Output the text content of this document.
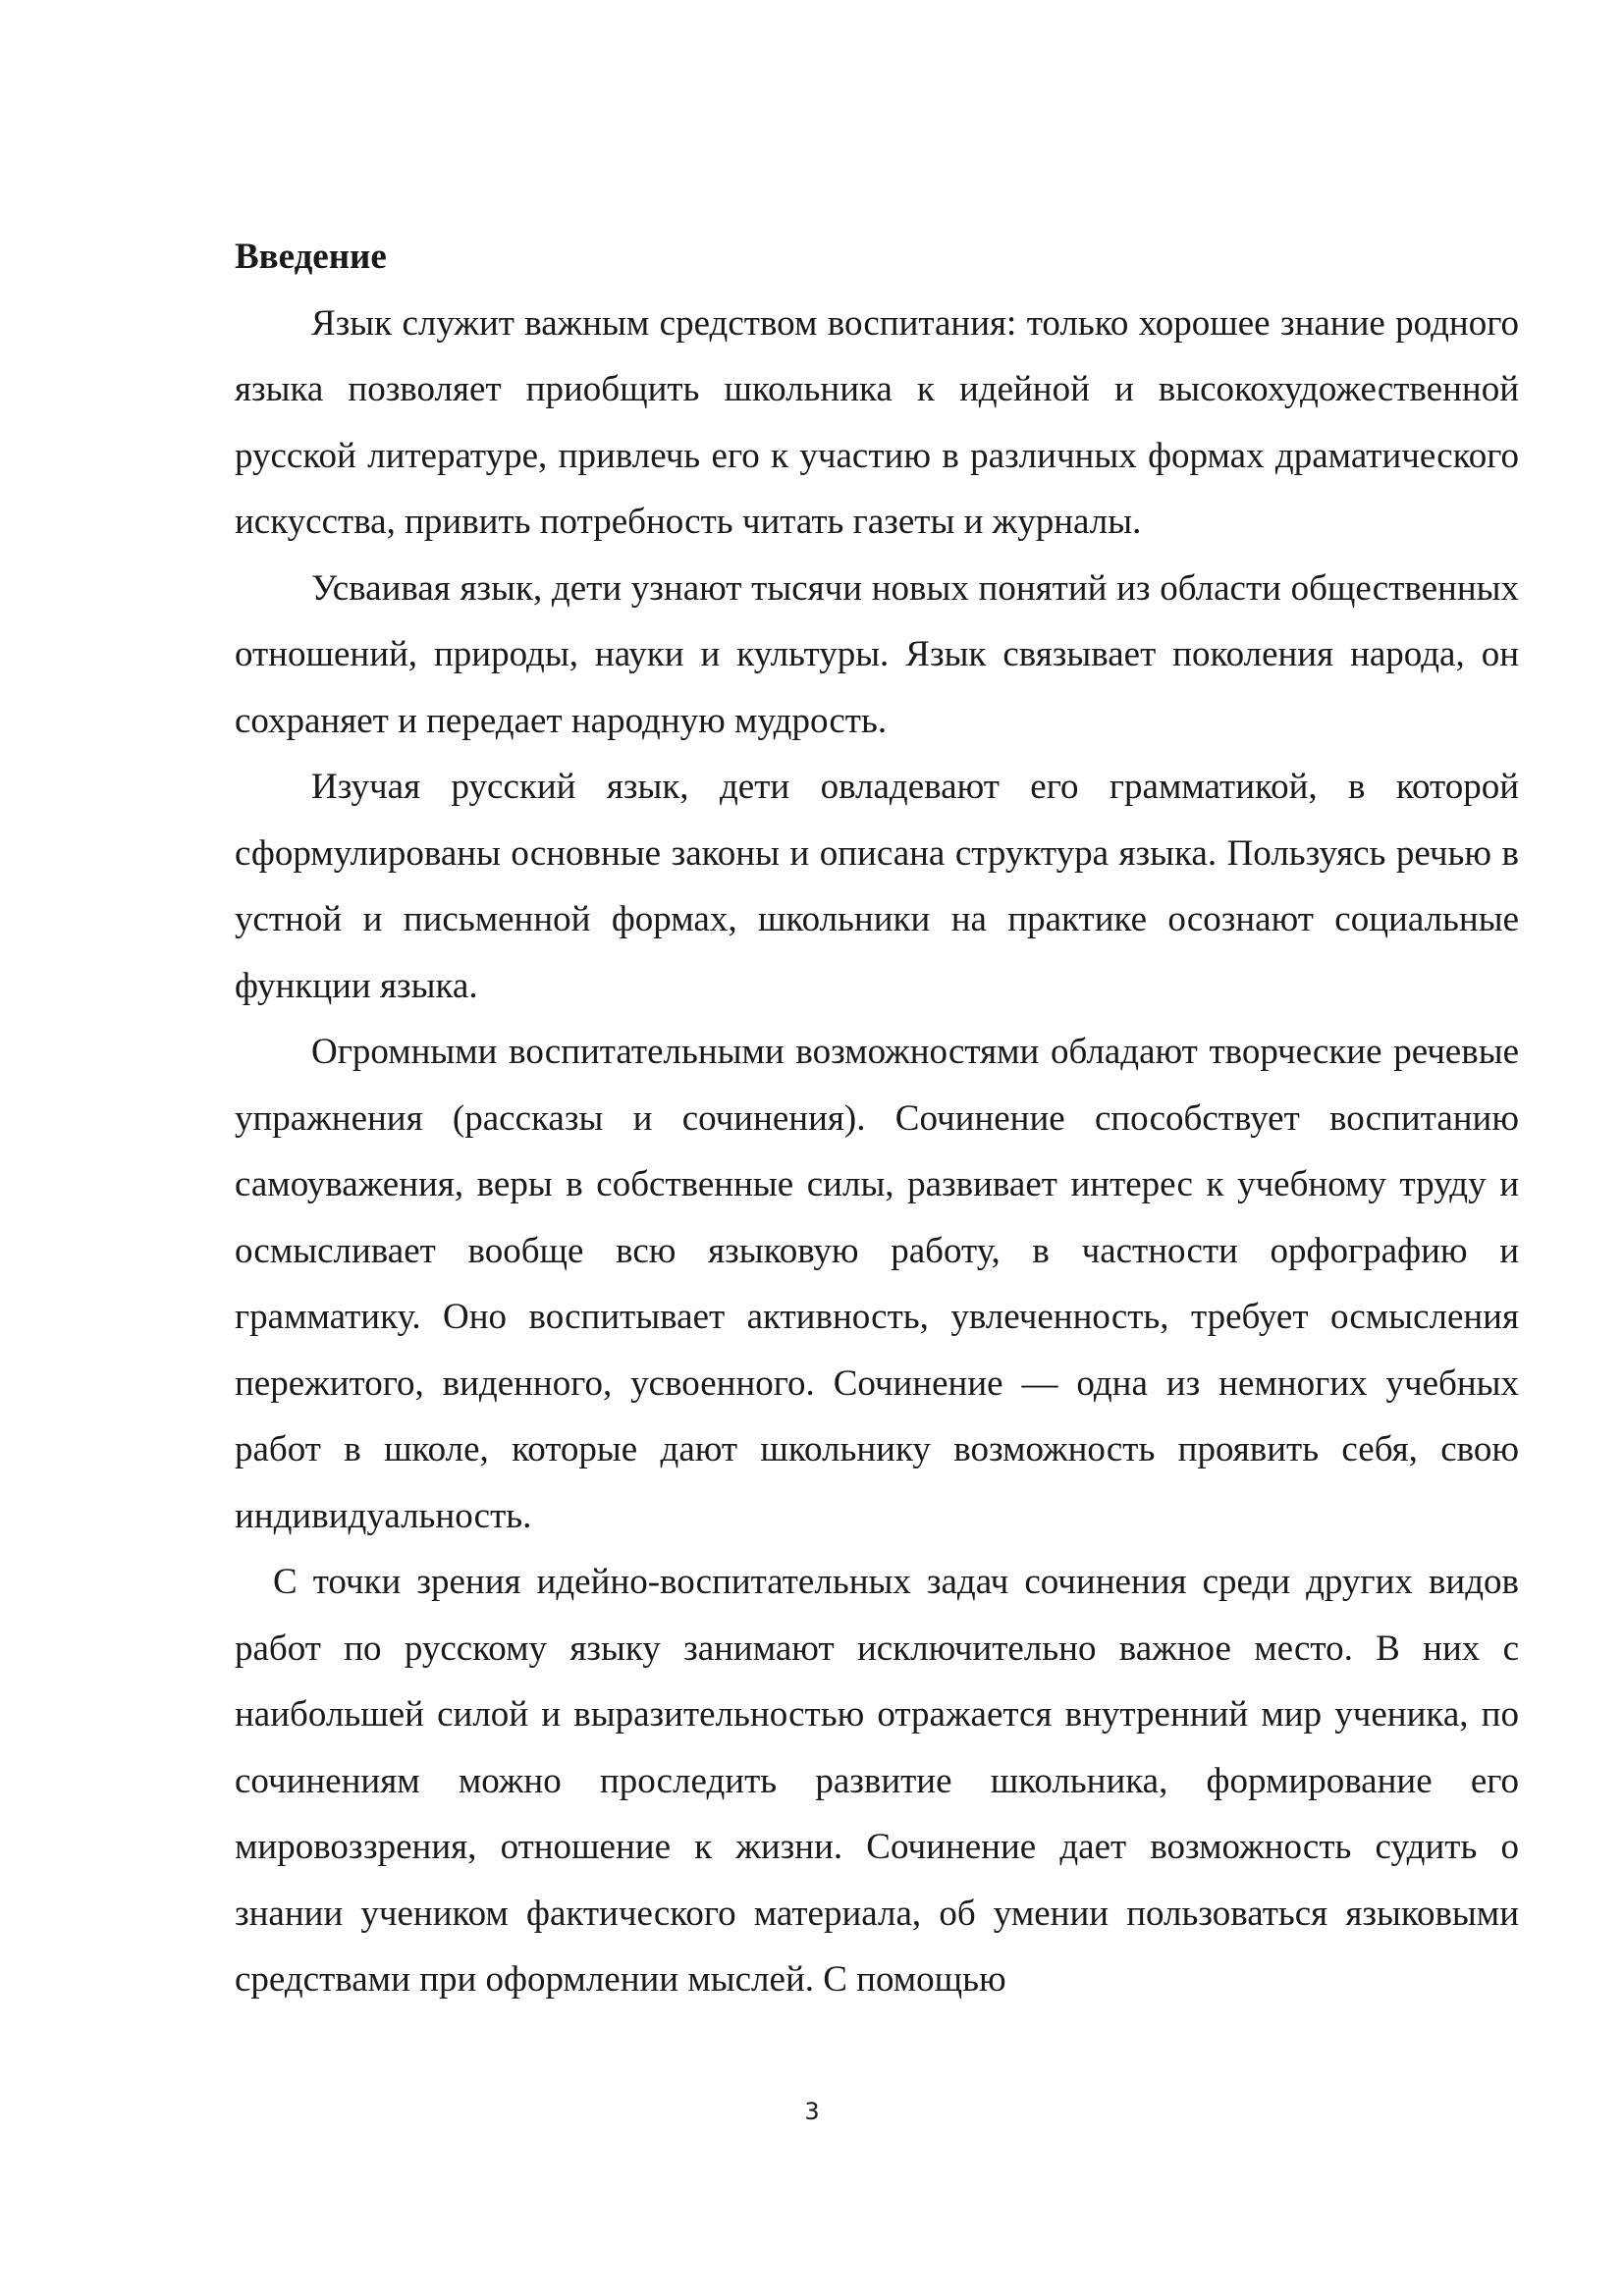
Введение

Язык служит важным средством воспитания: только хорошее знание родного языка позволяет приобщить школьника к идейной и высокохудожественной русской литературе, привлечь его к участию в различных формах драматического искусства, привить потребность читать газеты и журналы.

Усваивая язык, дети узнают тысячи новых понятий из области общественных отношений, природы, науки и культуры. Язык связывает поколения народа, он сохраняет и передает народную мудрость.

Изучая русский язык, дети овладевают его грамматикой, в которой сформулированы основные законы и описана структура языка. Пользуясь речью в устной и письменной формах, школьники на практике осознают социальные функции языка.

Огромными воспитательными возможностями обладают творческие речевые упражнения (рассказы и сочинения). Сочинение способствует воспитанию самоуважения, веры в собственные силы, развивает интерес к учебному труду и осмысливает вообще всю языковую работу, в частности орфографию и грамматику. Оно воспитывает активность, увлеченность, требует осмысления пережитого, виденного, усвоенного. Сочинение — одна из немногих учебных работ в школе, которые дают школьнику возможность проявить себя, свою индивидуальность.

С точки зрения идейно-воспитательных задач сочинения среди других видов работ по русскому языку занимают исключительно важное место. В них с наибольшей силой и выразительностью отражается внутренний мир ученика, по сочинениям можно проследить развитие школьника, формирование его мировоззрения, отношение к жизни. Сочинение дает возможность судить о знании учеником фактического материала, об умении пользоваться языковыми средствами при оформлении мыслей. С помощью

3
